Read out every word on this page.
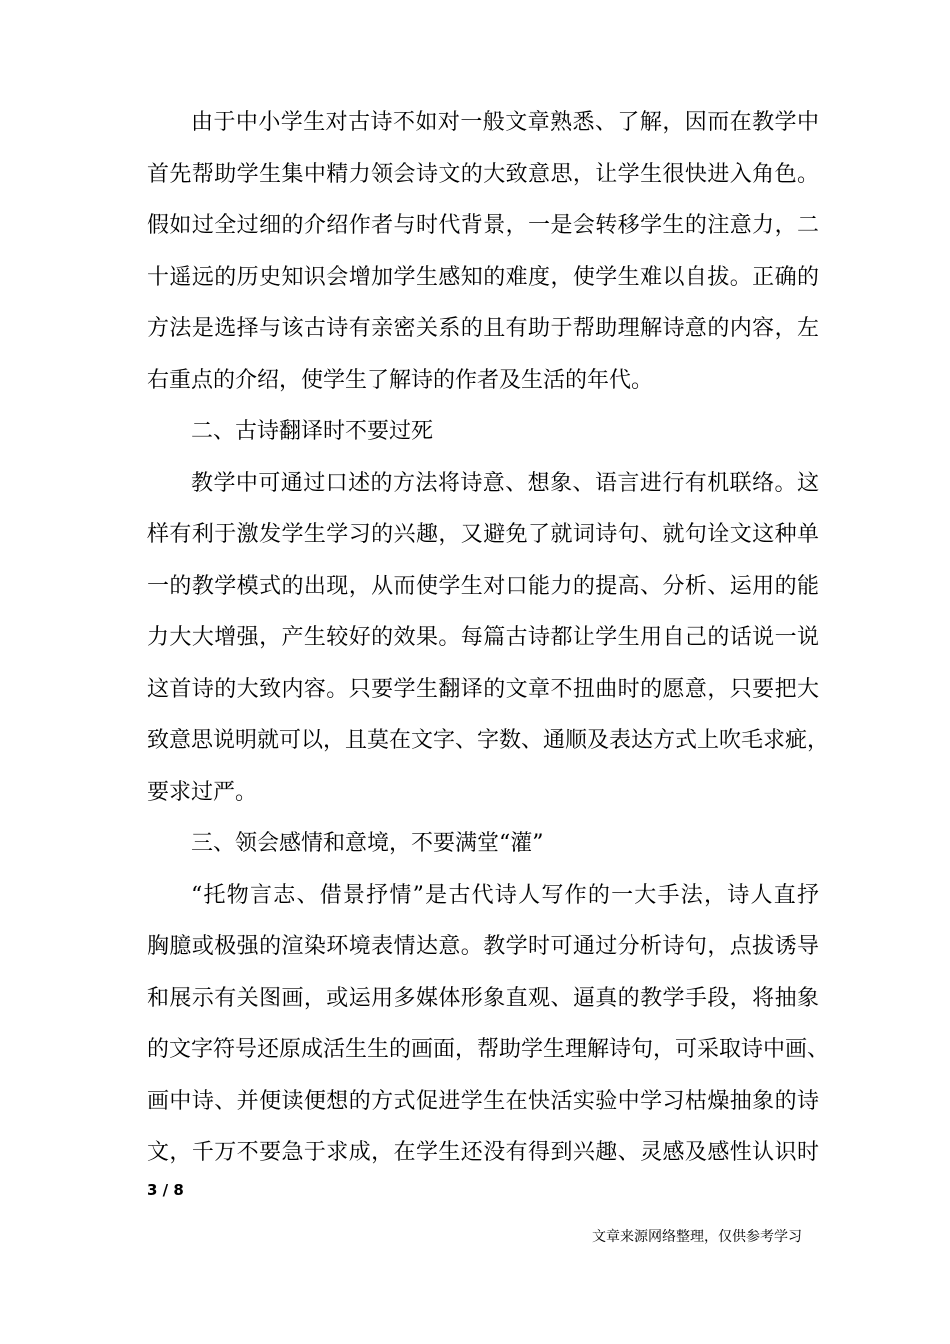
由于中小学生对古诗不如对一般文章熟悉、了解，因而在教学中
首先帮助学生集中精力领会诗文的大致意思，让学生很快进入角色。
假如过全过细的介绍作者与时代背景，一是会转移学生的注意力，二
十遥远的历史知识会增加学生感知的难度，使学生难以自拔。正确的
方法是选择与该古诗有亲密关系的且有助于帮助理解诗意的内容，左
右重点的介绍，使学生了解诗的作者及生活的年代。
二、古诗翻译时不要过死
教学中可通过口述的方法将诗意、想象、语言进行有机联络。这
样有利于激发学生学习的兴趣，又避免了就词诗句、就句诠文这种单
一的教学模式的出现，从而使学生对口能力的提高、分析、运用的能
力大大增强，产生较好的效果。每篇古诗都让学生用自己的话说一说
这首诗的大致内容。只要学生翻译的文章不扭曲时的愿意，只要把大
致意思说明就可以，且莫在文字、字数、通顺及表达方式上吹毛求疵，
要求过严。
三、领会感情和意境，不要满堂“灌”
“托物言志、借景抒情”是古代诗人写作的一大手法，诗人直抒
胸臆或极强的渲染环境表情达意。教学时可通过分析诗句，点拔诱导
和展示有关图画，或运用多媒体形象直观、逼真的教学手段，将抽象
的文字符号还原成活生生的画面，帮助学生理解诗句，可采取诗中画、
画中诗、并便读便想的方式促进学生在快活实验中学习枯燥抽象的诗
文，千万不要急于求成，在学生还没有得到兴趣、灵感及感性认识时
3 / 8
文章来源网络整理，仅供参考学习
